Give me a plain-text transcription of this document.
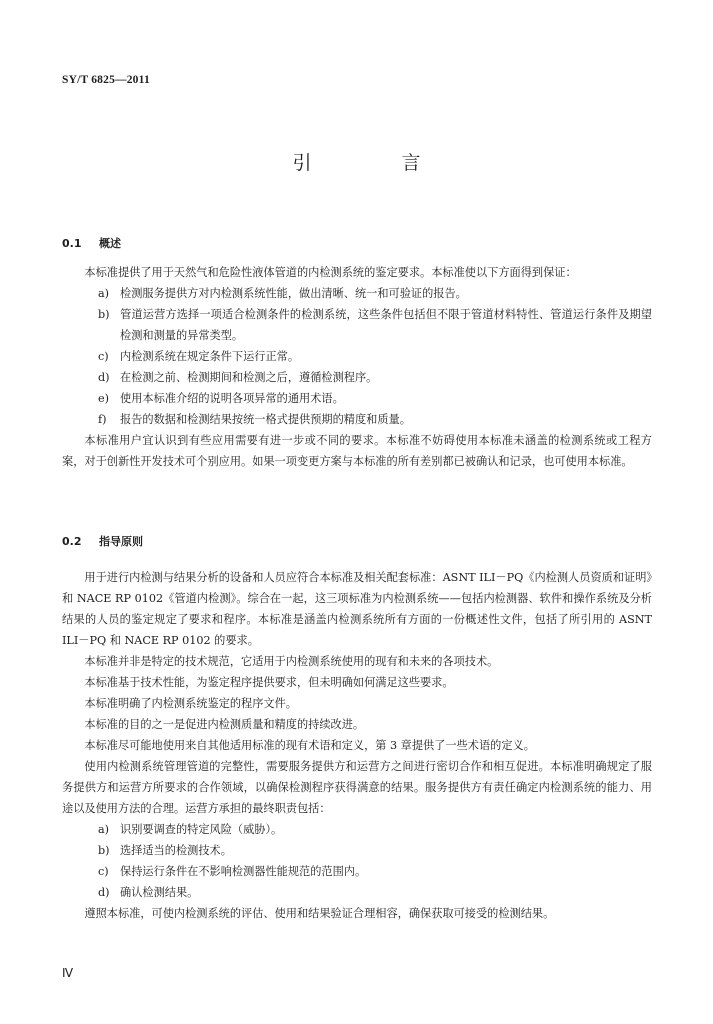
SY/T 6825—2011
引 言
0.1 概述

本标准提供了用于天然气和危险性液体管道的内检测系统的鉴定要求。本标准使以下方面得到保证：

a) 检测服务提供方对内检测系统性能，做出清晰、统一和可验证的报告。
b) 管道运营方选择一项适合检测条件的检测系统，这些条件包括但不限于管道材料特性、管道运行条件及期望检测和测量的异常类型。
c) 内检测系统在规定条件下运行正常。
d) 在检测之前、检测期间和检测之后，遵循检测程序。
e) 使用本标准介绍的说明各项异常的通用术语。
f) 报告的数据和检测结果按统一格式提供预期的精度和质量。

本标准用户宜认识到有些应用需要有进一步或不同的要求。本标准不妨碍使用本标准未涵盖的检测系统或工程方案，对于创新性开发技术可个别应用。如果一项变更方案与本标准的所有差别都已被确认和记录，也可使用本标准。

0.2 指导原则

用于进行内检测与结果分析的设备和人员应符合本标准及相关配套标准：ASNT ILI－PQ《内检测人员资质和证明》和 NACE RP 0102《管道内检测》。综合在一起，这三项标准为内检测系统——包括内检测器、软件和操作系统及分析结果的人员的鉴定规定了要求和程序。本标准是涵盖内检测系统所有方面的一份概述性文件，包括了所引用的 ASNT ILI－PQ 和 NACE RP 0102 的要求。

本标准并非是特定的技术规范，它适用于内检测系统使用的现有和未来的各项技术。

本标准基于技术性能，为鉴定程序提供要求，但未明确如何满足这些要求。

本标准明确了内检测系统鉴定的程序文件。

本标准的目的之一是促进内检测质量和精度的持续改进。

本标准尽可能地使用来自其他适用标准的现有术语和定义，第 3 章提供了一些术语的定义。

使用内检测系统管理管道的完整性，需要服务提供方和运营方之间进行密切合作和相互促进。本标准明确规定了服务提供方和运营方所要求的合作领域，以确保检测程序获得满意的结果。服务提供方有责任确定内检测系统的能力、用途以及使用方法的合理。运营方承担的最终职责包括：

a) 识别要调查的特定风险（威胁）。
b) 选择适当的检测技术。
c) 保持运行条件在不影响检测器性能规范的范围内。
d) 确认检测结果。

遵照本标准，可使内检测系统的评估、使用和结果验证合理相容，确保获取可接受的检测结果。

Ⅳ
